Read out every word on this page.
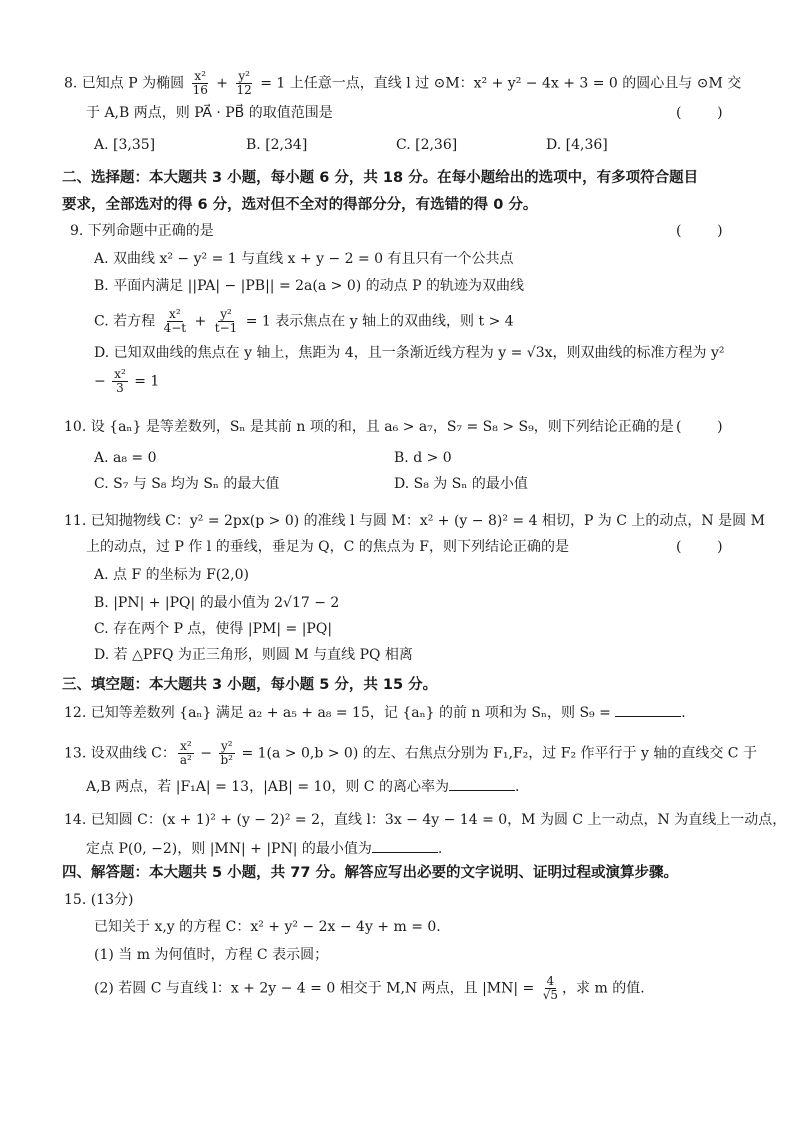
8. 已知点 P 为椭圆 $\frac{\text{x²}}{16} + \frac{\text{y²}}{12} = 1$ 上任意一点，直线 l 过 ⊙M：x² + y² − 4x + 3 = 0 的圆心且与 ⊙M 交
于 A,B 两点，则 PA⃗ · PB⃗ 的取值范围是	(        )
A. [3,35]	B. [2,34]	C. [2,36]	D. [4,36]
二、选择题：本大题共 3 小题，每小题 6 分，共 18 分。在每小题给出的选项中，有多项符合题目
要求，全部选对的得 6 分，选对但不全对的得部分分，有选错的得 0 分。
9. 下列命题中正确的是	(        )
A. 双曲线 x² − y² = 1 与直线 x + y − 2 = 0 有且只有一个公共点
B. 平面内满足 ||PA| − |PB|| = 2a(a > 0) 的动点 P 的轨迹为双曲线
C. 若方程 $\frac{\text{x²}}{4-t} + \frac{\text{y²}}{t-1} = 1$ 表示焦点在 y 轴上的双曲线，则 t > 4
D. 已知双曲线的焦点在 y 轴上，焦距为 4，且一条渐近线方程为 y = √3x，则双曲线的标准方程为 y²
− $\frac{\text{x²}}{3} = 1$
10. 设 {aₙ} 是等差数列，Sₙ 是其前 n 项的和，且 a₆ > a₇，S₇ = S₈ > S₉，则下列结论正确的是 (        )
A. a₈ = 0	B. d > 0
C. S₇ 与 S₈ 均为 Sₙ 的最大值	D. S₈ 为 Sₙ 的最小值
11. 已知抛物线 C：y² = 2px(p > 0) 的准线 l 与圆 M：x² + (y − 8)² = 4 相切，P 为 C 上的动点，N 是圆 M
上的动点，过 P 作 l 的垂线，垂足为 Q，C 的焦点为 F，则下列结论正确的是	(        )
A. 点 F 的坐标为 F(2,0)
B. |PN| + |PQ| 的最小值为 2√17 − 2
C. 存在两个 P 点，使得 |PM| = |PQ|
D. 若 △PFQ 为正三角形，则圆 M 与直线 PQ 相离
三、填空题：本大题共 3 小题，每小题 5 分，共 15 分。
12. 已知等差数列 {aₙ} 满足 a₂ + a₅ + a₈ = 15，记 {aₙ} 的前 n 项和为 Sₙ，则 S₉ =	.
13. 设双曲线 C： $\frac{\text{x²}}{\text{a²}} - \frac{\text{y²}}{\text{b²}} = 1(a > 0,b > 0)$ 的左、右焦点分别为 F₁,F₂，过 F₂ 作平行于 y 轴的直线交 C 于
A,B 两点，若 |F₁A| = 13，|AB| = 10，则 C 的离心率为	.
14. 已知圆 C：(x + 1)² + (y − 2)² = 2，直线 l：3x − 4y − 14 = 0，M 为圆 C 上一动点，N 为直线上一动点，
定点 P(0, −2)，则 |MN| + |PN| 的最小值为	.
四、解答题：本大题共 5 小题，共 77 分。解答应写出必要的文字说明、证明过程或演算步骤。
15. (13分)
已知关于 x,y 的方程 C：x² + y² − 2x − 4y + m = 0.
(1) 当 m 为何值时，方程 C 表示圆；
(2) 若圆 C 与直线 l：x + 2y − 4 = 0 相交于 M,N 两点，且 $|MN| = \frac{4}{√5}$ ，求 m 的值.
